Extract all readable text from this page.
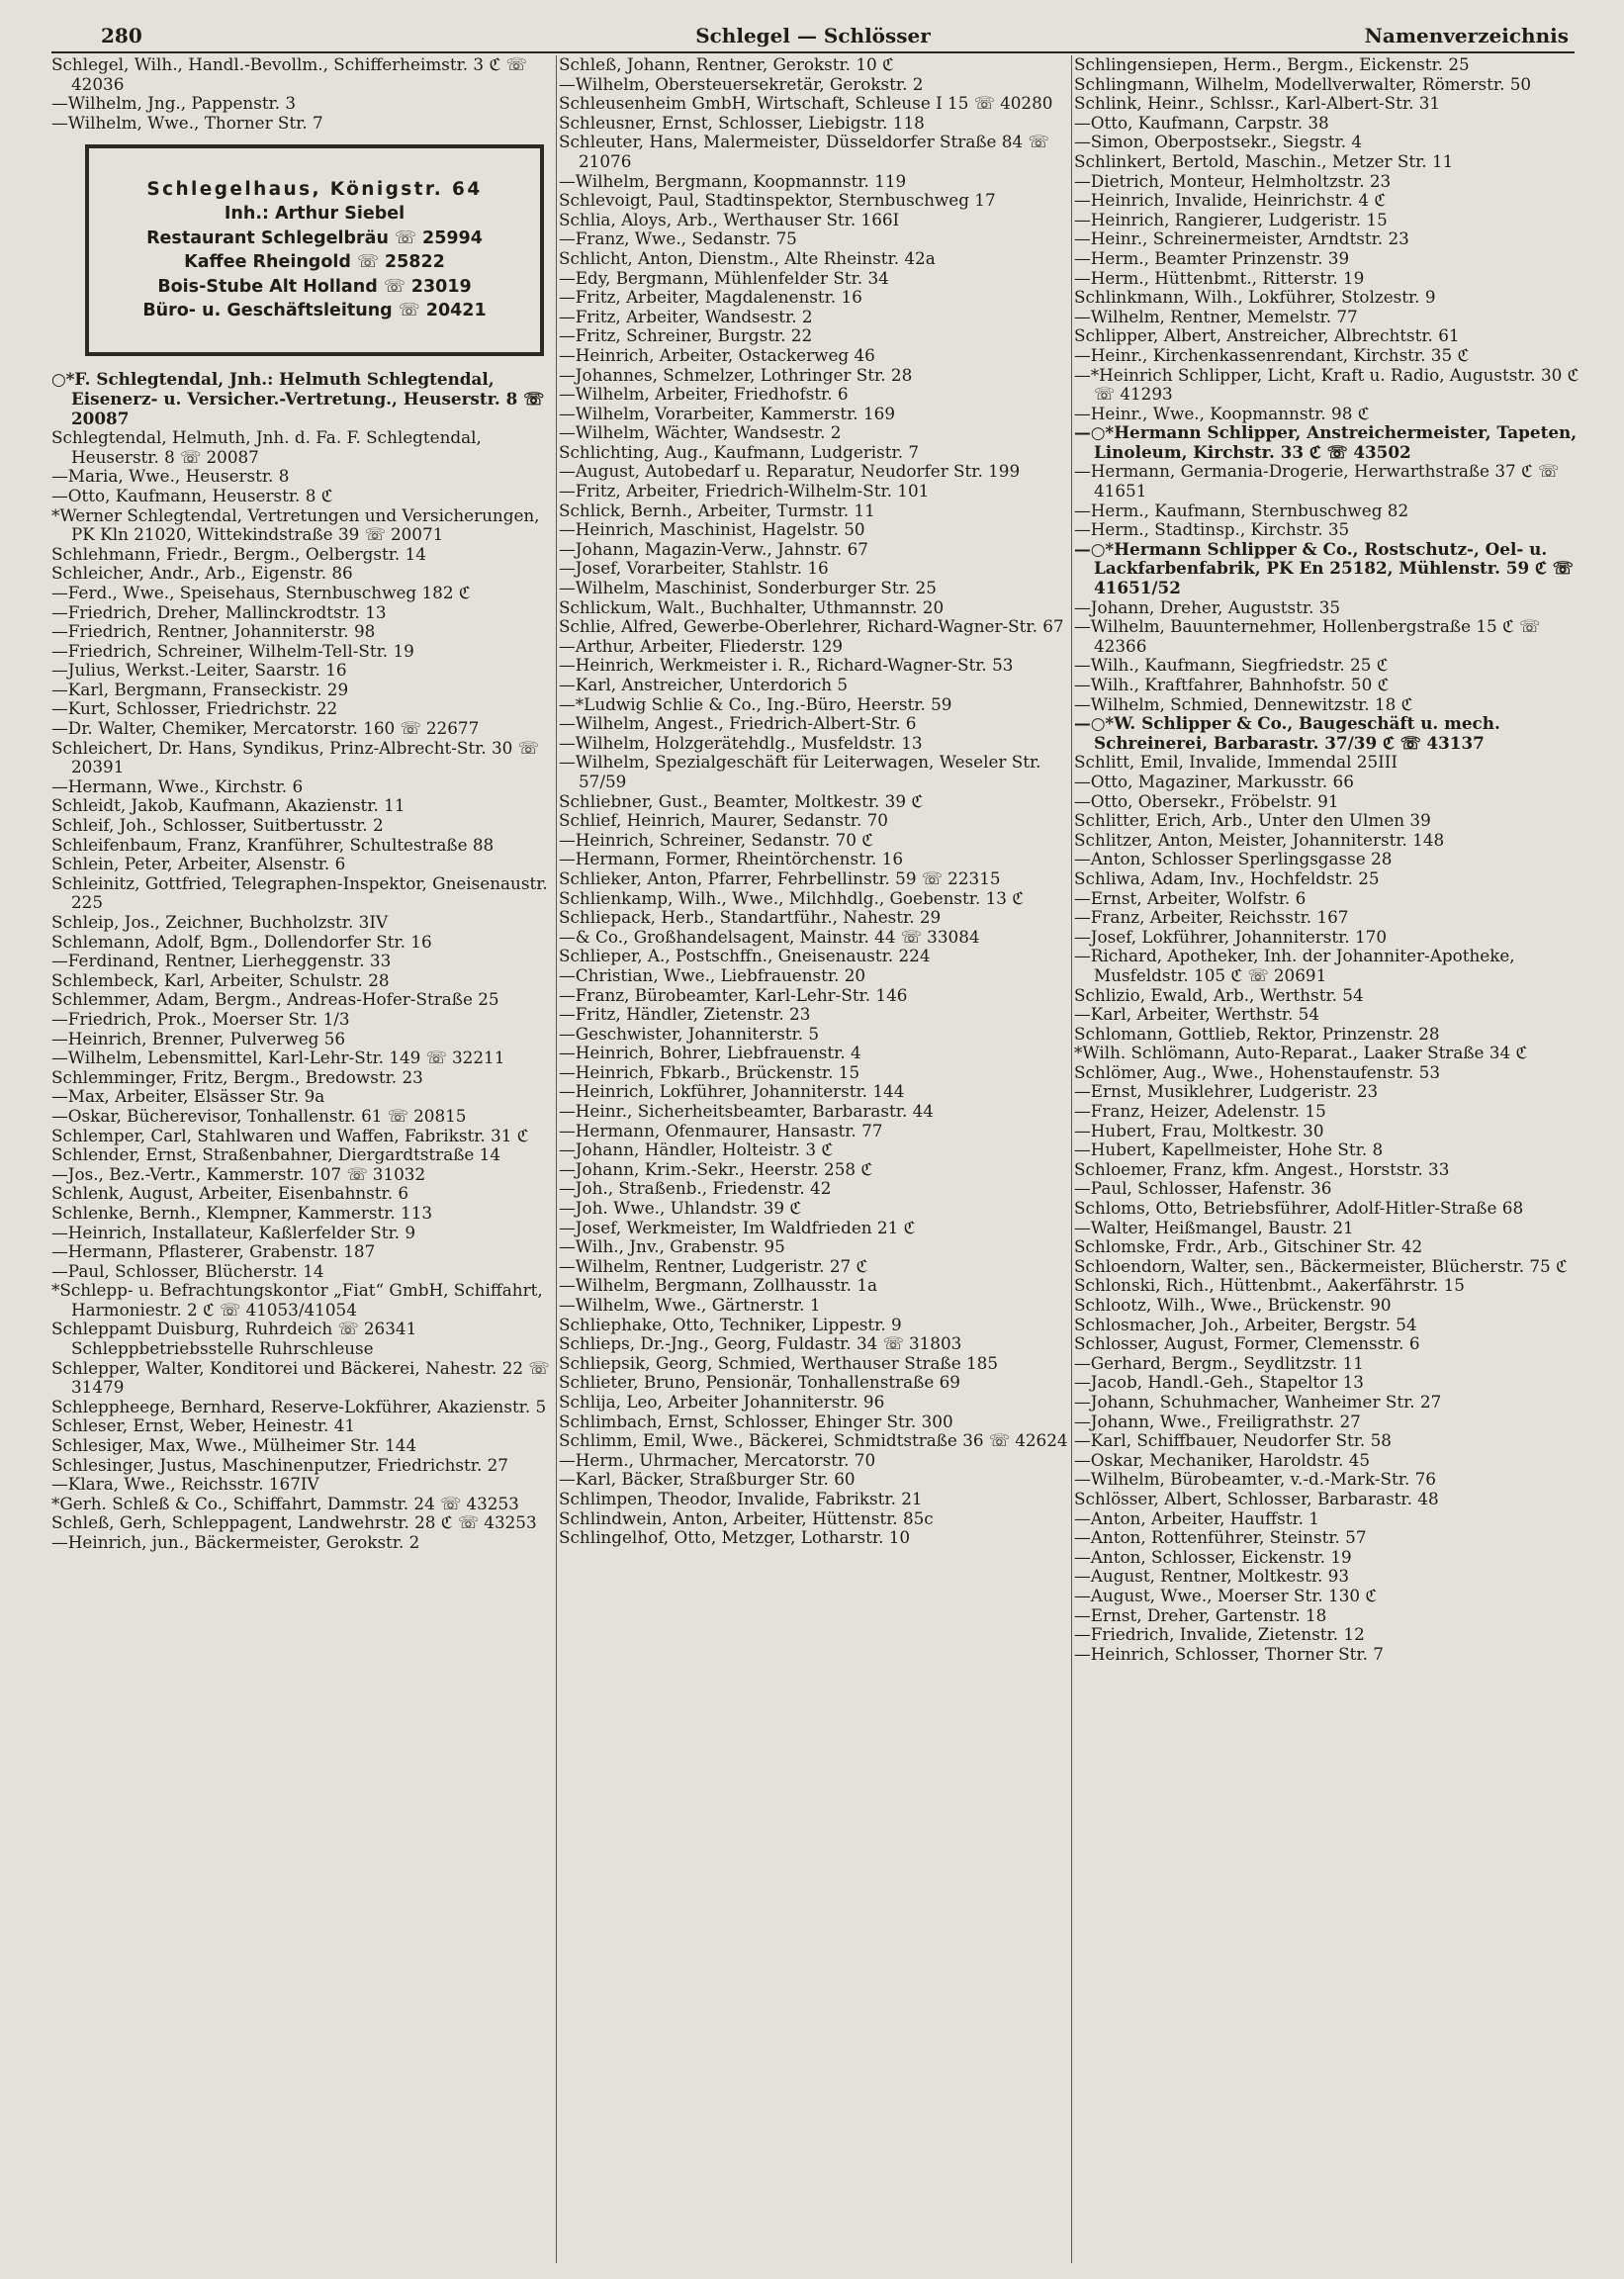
280	Schlegel — Schlösser	Namenverzeichnis
Schlegel, Wilh., Handl.-Bevollm., Schifferheimstr. 3 ℭ ☏ 42036
—Wilhelm, Jng., Pappenstr. 3
—Wilhelm, Wwe., Thorner Str. 7
Schlegelhaus, Königstr. 64
Inh.: Arthur Siebel
Restaurant Schlegelbräu ☏ 25994
Kaffee Rheingold ☏ 25822
Bois-Stube Alt Holland ☏ 23019
Büro- u. Geschäftsleitung ☏ 20421
○*F. Schlegtendal, Jnh.: Helmuth Schlegtendal, Eisenerz- u. Versicher.-Vertretung., Heuserstr. 8 ☏ 20087
Schlegtendal, Helmuth, Jnh. d. Fa. F. Schlegtendal, Heuserstr. 8 ☏ 20087
—Maria, Wwe., Heuserstr. 8
—Otto, Kaufmann, Heuserstr. 8 ℭ
*Werner Schlegtendal, Vertretungen und Versicherungen, PK Kln 21020, Wittekindstraße 39 ☏ 20071
Schlehmann, Friedr., Bergm., Oelbergstr. 14
Schleicher, Andr., Arb., Eigenstr. 86
—Ferd., Wwe., Speisehaus, Sternbuschweg 182 ℭ
—Friedrich, Dreher, Mallinckrodtstr. 13
—Friedrich, Rentner, Johanniterstr. 98
—Friedrich, Schreiner, Wilhelm-Tell-Str. 19
—Julius, Werkst.-Leiter, Saarstr. 16
—Karl, Bergmann, Franseckistr. 29
—Kurt, Schlosser, Friedrichstr. 22
—Dr. Walter, Chemiker, Mercatorstr. 160 ☏ 22677
Schleichert, Dr. Hans, Syndikus, Prinz-Albrecht-Str. 30 ☏ 20391
—Hermann, Wwe., Kirchstr. 6
Schleidt, Jakob, Kaufmann, Akazienstr. 11
Schleif, Joh., Schlosser, Suitbertusstr. 2
Schleifenbaum, Franz, Kranführer, Schultestraße 88
Schlein, Peter, Arbeiter, Alsenstr. 6
Schleinitz, Gottfried, Telegraphen-Inspektor, Gneisenaustr. 225
Schleip, Jos., Zeichner, Buchholzstr. 3IV
Schlemann, Adolf, Bgm., Dollendorfer Str. 16
—Ferdinand, Rentner, Lierheggenstr. 33
Schlembeck, Karl, Arbeiter, Schulstr. 28
Schlemmer, Adam, Bergm., Andreas-Hofer-Straße 25
—Friedrich, Prok., Moerser Str. 1/3
—Heinrich, Brenner, Pulverweg 56
—Wilhelm, Lebensmittel, Karl-Lehr-Str. 149 ☏ 32211
Schlemminger, Fritz, Bergm., Bredowstr. 23
—Max, Arbeiter, Elsässer Str. 9a
—Oskar, Bücherevisor, Tonhallenstr. 61 ☏ 20815
Schlemper, Carl, Stahlwaren und Waffen, Fabrikstr. 31 ℭ
Schlender, Ernst, Straßenbahner, Diergardtstraße 14
—Jos., Bez.-Vertr., Kammerstr. 107 ☏ 31032
Schlenk, August, Arbeiter, Eisenbahnstr. 6
Schlenke, Bernh., Klempner, Kammerstr. 113
—Heinrich, Installateur, Kaßlerfelder Str. 9
—Hermann, Pflasterer, Grabenstr. 187
—Paul, Schlosser, Blücherstr. 14
*Schlepp- u. Befrachtungskontor „Fiat“ GmbH, Schiffahrt, Harmoniestr. 2 ℭ ☏ 41053/41054
Schleppamt Duisburg, Ruhrdeich ☏ 26341 Schleppbetriebsstelle Ruhrschleuse
Schlepper, Walter, Konditorei und Bäckerei, Nahestr. 22 ☏ 31479
Schleppheege, Bernhard, Reserve-Lokführer, Akazienstr. 5
Schleser, Ernst, Weber, Heinestr. 41
Schlesiger, Max, Wwe., Mülheimer Str. 144
Schlesinger, Justus, Maschinenputzer, Friedrichstr. 27
—Klara, Wwe., Reichsstr. 167IV
*Gerh. Schleß & Co., Schiffahrt, Dammstr. 24 ☏ 43253
Schleß, Gerh, Schleppagent, Landwehrstr. 28 ℭ ☏ 43253
—Heinrich, jun., Bäckermeister, Gerokstr. 2
Schleß, Johann, Rentner, Gerokstr. 10 ℭ
—Wilhelm, Obersteuersekretär, Gerokstr. 2
Schleusenheim GmbH, Wirtschaft, Schleuse I 15 ☏ 40280
Schleusner, Ernst, Schlosser, Liebigstr. 118
Schleuter, Hans, Malermeister, Düsseldorfer Straße 84 ☏ 21076
—Wilhelm, Bergmann, Koopmannstr. 119
Schlevoigt, Paul, Stadtinspektor, Sternbuschweg 17
Schlia, Aloys, Arb., Werthauser Str. 166I
—Franz, Wwe., Sedanstr. 75
Schlicht, Anton, Dienstm., Alte Rheinstr. 42a
—Edy, Bergmann, Mühlenfelder Str. 34
—Fritz, Arbeiter, Magdalenenstr. 16
—Fritz, Arbeiter, Wandsestr. 2
—Fritz, Schreiner, Burgstr. 22
—Heinrich, Arbeiter, Ostackerweg 46
—Johannes, Schmelzer, Lothringer Str. 28
—Wilhelm, Arbeiter, Friedhofstr. 6
—Wilhelm, Vorarbeiter, Kammerstr. 169
—Wilhelm, Wächter, Wandsestr. 2
Schlichting, Aug., Kaufmann, Ludgeristr. 7
—August, Autobedarf u. Reparatur, Neudorfer Str. 199
—Fritz, Arbeiter, Friedrich-Wilhelm-Str. 101
Schlick, Bernh., Arbeiter, Turmstr. 11
—Heinrich, Maschinist, Hagelstr. 50
—Johann, Magazin-Verw., Jahnstr. 67
—Josef, Vorarbeiter, Stahlstr. 16
—Wilhelm, Maschinist, Sonderburger Str. 25
Schlickum, Walt., Buchhalter, Uthmannstr. 20
Schlie, Alfred, Gewerbe-Oberlehrer, Richard-Wagner-Str. 67
—Arthur, Arbeiter, Fliederstr. 129
—Heinrich, Werkmeister i. R., Richard-Wagner-Str. 53
—Karl, Anstreicher, Unterdorich 5
—*Ludwig Schlie & Co., Ing.-Büro, Heerstr. 59
—Wilhelm, Angest., Friedrich-Albert-Str. 6
—Wilhelm, Holzgerätehdlg., Musfeldstr. 13
—Wilhelm, Spezialgeschäft für Leiterwagen, Weseler Str. 57/59
Schliebner, Gust., Beamter, Moltkestr. 39 ℭ
Schlief, Heinrich, Maurer, Sedanstr. 70
—Heinrich, Schreiner, Sedanstr. 70 ℭ
—Hermann, Former, Rheintörchenstr. 16
Schlieker, Anton, Pfarrer, Fehrbellinstr. 59 ☏ 22315
Schlienkamp, Wilh., Wwe., Milchhdlg., Goebenstr. 13 ℭ
Schliepack, Herb., Standartführ., Nahestr. 29
—& Co., Großhandelsagent, Mainstr. 44 ☏ 33084
Schlieper, A., Postschffn., Gneisenaustr. 224
—Christian, Wwe., Liebfrauenstr. 20
—Franz, Bürobeamter, Karl-Lehr-Str. 146
—Fritz, Händler, Zietenstr. 23
—Geschwister, Johanniterstr. 5
—Heinrich, Bohrer, Liebfrauenstr. 4
—Heinrich, Fbkarb., Brückenstr. 15
—Heinrich, Lokführer, Johanniterstr. 144
—Heinr., Sicherheitsbeamter, Barbarastr. 44
—Hermann, Ofenmaurer, Hansastr. 77
—Johann, Händler, Holteistr. 3 ℭ
—Johann, Krim.-Sekr., Heerstr. 258 ℭ
—Joh., Straßenb., Friedenstr. 42
—Joh. Wwe., Uhlandstr. 39 ℭ
—Josef, Werkmeister, Im Waldfrieden 21 ℭ
—Wilh., Jnv., Grabenstr. 95
—Wilhelm, Rentner, Ludgeristr. 27 ℭ
—Wilhelm, Bergmann, Zollhausstr. 1a
—Wilhelm, Wwe., Gärtnerstr. 1
Schliephake, Otto, Techniker, Lippestr. 9
Schlieps, Dr.-Jng., Georg, Fuldastr. 34 ☏ 31803
Schliepsik, Georg, Schmied, Werthauser Straße 185
Schlieter, Bruno, Pensionär, Tonhallenstraße 69
Schlija, Leo, Arbeiter Johanniterstr. 96
Schlimbach, Ernst, Schlosser, Ehinger Str. 300
Schlimm, Emil, Wwe., Bäckerei, Schmidtstraße 36 ☏ 42624
—Herm., Uhrmacher, Mercatorstr. 70
—Karl, Bäcker, Straßburger Str. 60
Schlimpen, Theodor, Invalide, Fabrikstr. 21
Schlindwein, Anton, Arbeiter, Hüttenstr. 85c
Schlingelhof, Otto, Metzger, Lotharstr. 10
Schlingensiepen, Herm., Bergm., Eickenstr. 25
Schlingmann, Wilhelm, Modellverwalter, Römerstr. 50
Schlink, Heinr., Schlssr., Karl-Albert-Str. 31
—Otto, Kaufmann, Carpstr. 38
—Simon, Oberpostsekr., Siegstr. 4
Schlinkert, Bertold, Maschin., Metzer Str. 11
—Dietrich, Monteur, Helmholtzstr. 23
—Heinrich, Invalide, Heinrichstr. 4 ℭ
—Heinrich, Rangierer, Ludgeristr. 15
—Heinr., Schreinermeister, Arndtstr. 23
—Herm., Beamter Prinzenstr. 39
—Herm., Hüttenbmt., Ritterstr. 19
Schlinkmann, Wilh., Lokführer, Stolzestr. 9
—Wilhelm, Rentner, Memelstr. 77
Schlipper, Albert, Anstreicher, Albrechtstr. 61
—Heinr., Kirchenkassenrendant, Kirchstr. 35 ℭ
—*Heinrich Schlipper, Licht, Kraft u. Radio, Auguststr. 30 ℭ ☏ 41293
—Heinr., Wwe., Koopmannstr. 98 ℭ
—○*Hermann Schlipper, Anstreichermeister, Tapeten, Linoleum, Kirchstr. 33 ℭ ☏ 43502
—Hermann, Germania-Drogerie, Herwarthstraße 37 ℭ ☏ 41651
—Herm., Kaufmann, Sternbuschweg 82
—Herm., Stadtinsp., Kirchstr. 35
—○*Hermann Schlipper & Co., Rostschutz-, Oel- u. Lackfarbenfabrik, PK En 25182, Mühlenstr. 59 ℭ ☏ 41651/52
—Johann, Dreher, Auguststr. 35
—Wilhelm, Bauunternehmer, Hollenbergstraße 15 ℭ ☏ 42366
—Wilh., Kaufmann, Siegfriedstr. 25 ℭ
—Wilh., Kraftfahrer, Bahnhofstr. 50 ℭ
—Wilhelm, Schmied, Dennewitzstr. 18 ℭ
—○*W. Schlipper & Co., Baugeschäft u. mech. Schreinerei, Barbarastr. 37/39 ℭ ☏ 43137
Schlitt, Emil, Invalide, Immendal 25III
—Otto, Magaziner, Markusstr. 66
—Otto, Obersekr., Fröbelstr. 91
Schlitter, Erich, Arb., Unter den Ulmen 39
Schlitzer, Anton, Meister, Johanniterstr. 148
—Anton, Schlosser Sperlingsgasse 28
Schliwa, Adam, Inv., Hochfeldstr. 25
—Ernst, Arbeiter, Wolfstr. 6
—Franz, Arbeiter, Reichsstr. 167
—Josef, Lokführer, Johanniterstr. 170
—Richard, Apotheker, Inh. der Johanniter-Apotheke, Musfeldstr. 105 ℭ ☏ 20691
Schlizio, Ewald, Arb., Werthstr. 54
—Karl, Arbeiter, Werthstr. 54
Schlomann, Gottlieb, Rektor, Prinzenstr. 28
*Wilh. Schlömann, Auto-Reparat., Laaker Straße 34 ℭ
Schlömer, Aug., Wwe., Hohenstaufenstr. 53
—Ernst, Musiklehrer, Ludgeristr. 23
—Franz, Heizer, Adelenstr. 15
—Hubert, Frau, Moltkestr. 30
—Hubert, Kapellmeister, Hohe Str. 8
Schloemer, Franz, kfm. Angest., Horststr. 33
—Paul, Schlosser, Hafenstr. 36
Schloms, Otto, Betriebsführer, Adolf-Hitler-Straße 68
—Walter, Heißmangel, Baustr. 21
Schlomske, Frdr., Arb., Gitschiner Str. 42
Schloendorn, Walter, sen., Bäckermeister, Blücherstr. 75 ℭ
Schlonski, Rich., Hüttenbmt., Aakerfährstr. 15
Schlootz, Wilh., Wwe., Brückenstr. 90
Schlosmacher, Joh., Arbeiter, Bergstr. 54
Schlosser, August, Former, Clemensstr. 6
—Gerhard, Bergm., Seydlitzstr. 11
—Jacob, Handl.-Geh., Stapeltor 13
—Johann, Schuhmacher, Wanheimer Str. 27
—Johann, Wwe., Freiligrathstr. 27
—Karl, Schiffbauer, Neudorfer Str. 58
—Oskar, Mechaniker, Haroldstr. 45
—Wilhelm, Bürobeamter, v.-d.-Mark-Str. 76
Schlösser, Albert, Schlosser, Barbarastr. 48
—Anton, Arbeiter, Hauffstr. 1
—Anton, Rottenführer, Steinstr. 57
—Anton, Schlosser, Eickenstr. 19
—August, Rentner, Moltkestr. 93
—August, Wwe., Moerser Str. 130 ℭ
—Ernst, Dreher, Gartenstr. 18
—Friedrich, Invalide, Zietenstr. 12
—Heinrich, Schlosser, Thorner Str. 7
